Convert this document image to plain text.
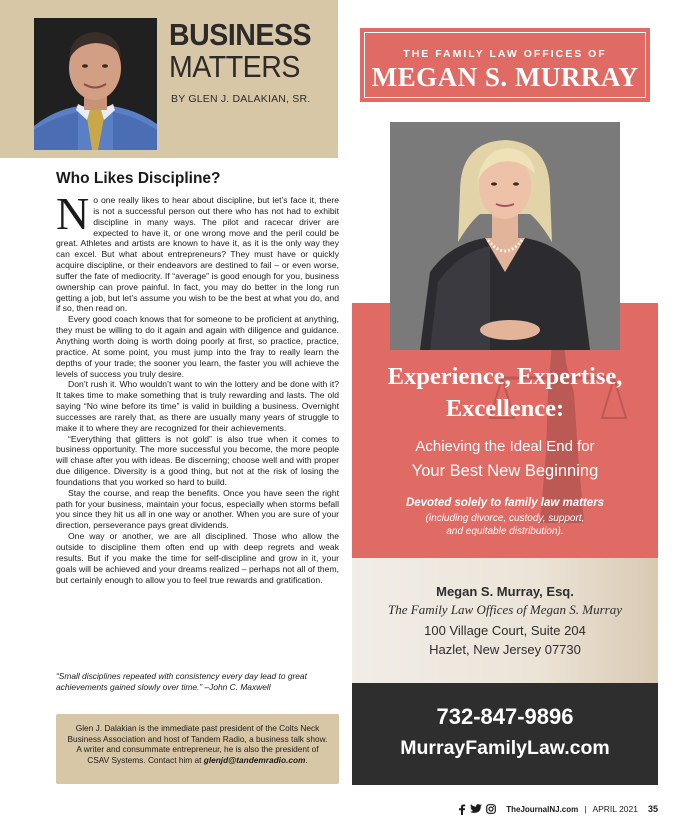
BUSINESS
MATTERS
BY GLEN J. DALAKIAN, SR.
Who Likes Discipline?

No one really likes to hear about discipline, but let’s face it, there is not a successful person out there who has not had to exhibit discipline in many ways. The pilot and racecar driver are expected to have it, or one wrong move and the peril could be great. Athletes and artists are known to have it, as it is the only way they can excel. But what about entrepreneurs? They must have or quickly acquire discipline, or their endeavors are destined to fail – or even worse, suffer the fate of mediocrity. If “average” is good enough for you, business ownership can prove painful. In fact, you may do better in the long run getting a job, but let’s assume you wish to be the best at what you do, and if so, then read on.

Every good coach knows that for someone to be proficient at anything, they must be willing to do it again and again with diligence and guidance. Anything worth doing is worth doing poorly at first, so practice, practice, practice. At some point, you must jump into the fray to really learn the depths of your trade; the sooner you learn, the faster you will achieve the levels of success you truly desire.

Don’t rush it. Who wouldn’t want to win the lottery and be done with it? It takes time to make something that is truly rewarding and lasts. The old saying “No wine before its time” is valid in building a business. Overnight successes are rarely that, as there are usually many years of struggle to make it to where they are recognized for their achievements.

“Everything that glitters is not gold” is also true when it comes to business opportunity. The more successful you become, the more people will chase after you with ideas. Be discerning; choose well and with proper due diligence. Diversity is a good thing, but not at the risk of losing the foundations that you worked so hard to build.

Stay the course, and reap the benefits. Once you have seen the right path for your business, maintain your focus, especially when storms befall you since they hit us all in one way or another. When you are sure of your direction, perseverance pays great dividends.

One way or another, we are all disciplined. Those who allow the outside to discipline them often end up with deep regrets and weak results. But if you make the time for self-discipline and grow in it, your goals will be achieved and your dreams realized – perhaps not all of them, but certainly enough to allow you to feel true rewards and gratification.

“Small disciplines repeated with consistency every day lead to great achievements gained slowly over time.” –John C. Maxwell
Glen J. Dalakian is the immediate past president of the Colts Neck Business Association and host of Tandem Radio, a business talk show. A writer and consummate entrepreneur, he is also the president of CSAV Systems. Contact him at glenjd@tandemradio.com.
THE FAMILY LAW OFFICES OF
MEGAN S. MURRAY
Experience, Expertise,
Excellence:
Achieving the Ideal End for
Your Best New Beginning
Devoted solely to family law matters
(including divorce, custody, support,
and equitable distribution).
Megan S. Murray, Esq.
The Family Law Offices of Megan S. Murray
100 Village Court, Suite 204
Hazlet, New Jersey 07730
732-847-9896
MurrayFamilyLaw.com
TheJournalNJ.com | APRIL 2021 35
